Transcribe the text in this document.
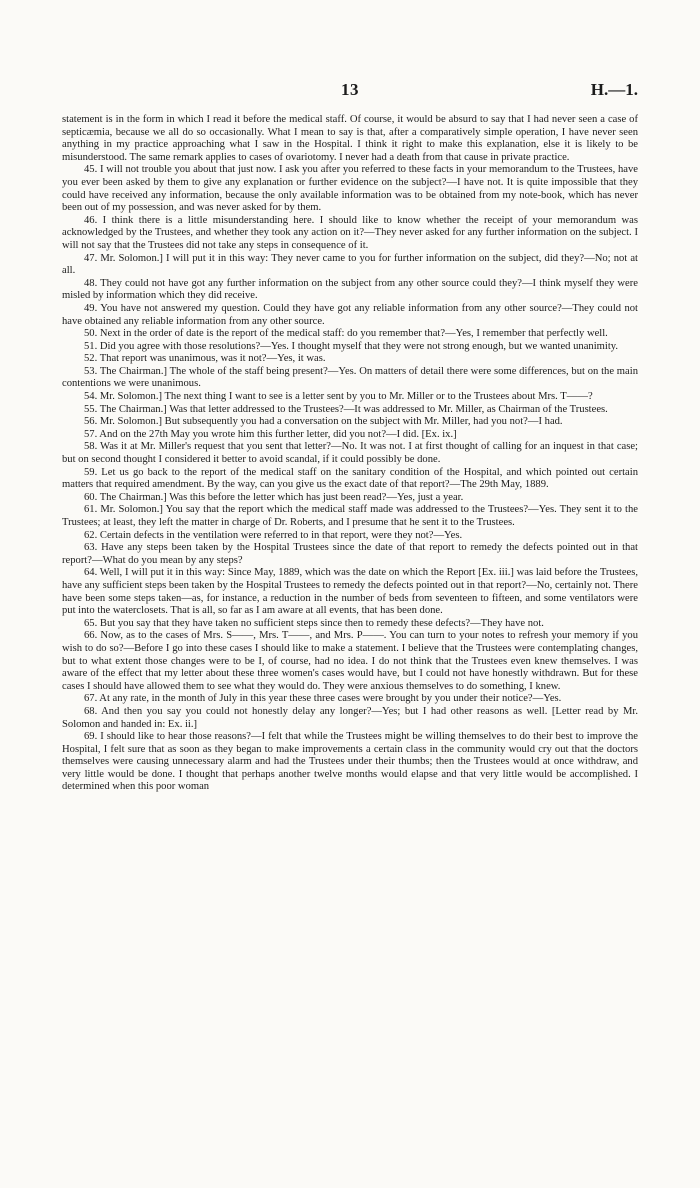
13	H.—1.

statement is in the form in which I read it before the medical staff. Of course, it would be absurd to say that I had never seen a case of septicæmia, because we all do so occasionally. What I mean to say is that, after a comparatively simple operation, I have never seen anything in my practice approaching what I saw in the Hospital. I think it right to make this explanation, else it is likely to be misunderstood. The same remark applies to cases of ovariotomy. I never had a death from that cause in private practice.

45. I will not trouble you about that just now. I ask you after you referred to these facts in your memorandum to the Trustees, have you ever been asked by them to give any explanation or further evidence on the subject?—I have not. It is quite impossible that they could have received any information, because the only available information was to be obtained from my note-book, which has never been out of my possession, and was never asked for by them.

46. I think there is a little misunderstanding here. I should like to know whether the receipt of your memorandum was acknowledged by the Trustees, and whether they took any action on it?—They never asked for any further information on the subject. I will not say that the Trustees did not take any steps in consequence of it.

47. Mr. Solomon.] I will put it in this way: They never came to you for further information on the subject, did they?—No; not at all.

48. They could not have got any further information on the subject from any other source could they?—I think myself they were misled by information which they did receive.

49. You have not answered my question. Could they have got any reliable information from any other source?—They could not have obtained any reliable information from any other source.

50. Next in the order of date is the report of the medical staff: do you remember that?—Yes, I remember that perfectly well.

51. Did you agree with those resolutions?—Yes. I thought myself that they were not strong enough, but we wanted unanimity.

52. That report was unanimous, was it not?—Yes, it was.

53. The Chairman.] The whole of the staff being present?—Yes. On matters of detail there were some differences, but on the main contentions we were unanimous.

54. Mr. Solomon.] The next thing I want to see is a letter sent by you to Mr. Miller or to the Trustees about Mrs. T——?

55. The Chairman.] Was that letter addressed to the Trustees?—It was addressed to Mr. Miller, as Chairman of the Trustees.

56. Mr. Solomon.] But subsequently you had a conversation on the subject with Mr. Miller, had you not?—I had.

57. And on the 27th May you wrote him this further letter, did you not?—I did. [Ex. ix.]

58. Was it at Mr. Miller's request that you sent that letter?—No. It was not. I at first thought of calling for an inquest in that case; but on second thought I considered it better to avoid scandal, if it could possibly be done.

59. Let us go back to the report of the medical staff on the sanitary condition of the Hospital, and which pointed out certain matters that required amendment. By the way, can you give us the exact date of that report?—The 29th May, 1889.

60. The Chairman.] Was this before the letter which has just been read?—Yes, just a year.

61. Mr. Solomon.] You say that the report which the medical staff made was addressed to the Trustees?—Yes. They sent it to the Trustees; at least, they left the matter in charge of Dr. Roberts, and I presume that he sent it to the Trustees.

62. Certain defects in the ventilation were referred to in that report, were they not?—Yes.

63. Have any steps been taken by the Hospital Trustees since the date of that report to remedy the defects pointed out in that report?—What do you mean by any steps?

64. Well, I will put it in this way: Since May, 1889, which was the date on which the Report [Ex. iii.] was laid before the Trustees, have any sufficient steps been taken by the Hospital Trustees to remedy the defects pointed out in that report?—No, certainly not. There have been some steps taken—as, for instance, a reduction in the number of beds from seventeen to fifteen, and some ventilators were put into the waterclosets. That is all, so far as I am aware at all events, that has been done.

65. But you say that they have taken no sufficient steps since then to remedy these defects?—They have not.

66. Now, as to the cases of Mrs. S——, Mrs. T——, and Mrs. P——. You can turn to your notes to refresh your memory if you wish to do so?—Before I go into these cases I should like to make a statement. I believe that the Trustees were contemplating changes, but to what extent those changes were to be I, of course, had no idea. I do not think that the Trustees even knew themselves. I was aware of the effect that my letter about these three women's cases would have, but I could not have honestly withdrawn. But for these cases I should have allowed them to see what they would do. They were anxious themselves to do something, I knew.

67. At any rate, in the month of July in this year these three cases were brought by you under their notice?—Yes.

68. And then you say you could not honestly delay any longer?—Yes; but I had other reasons as well. [Letter read by Mr. Solomon and handed in: Ex. ii.]

69. I should like to hear those reasons?—I felt that while the Trustees might be willing themselves to do their best to improve the Hospital, I felt sure that as soon as they began to make improvements a certain class in the community would cry out that the doctors themselves were causing unnecessary alarm and had the Trustees under their thumbs; then the Trustees would at once withdraw, and very little would be done. I thought that perhaps another twelve months would elapse and that very little would be accomplished. I determined when this poor woman
